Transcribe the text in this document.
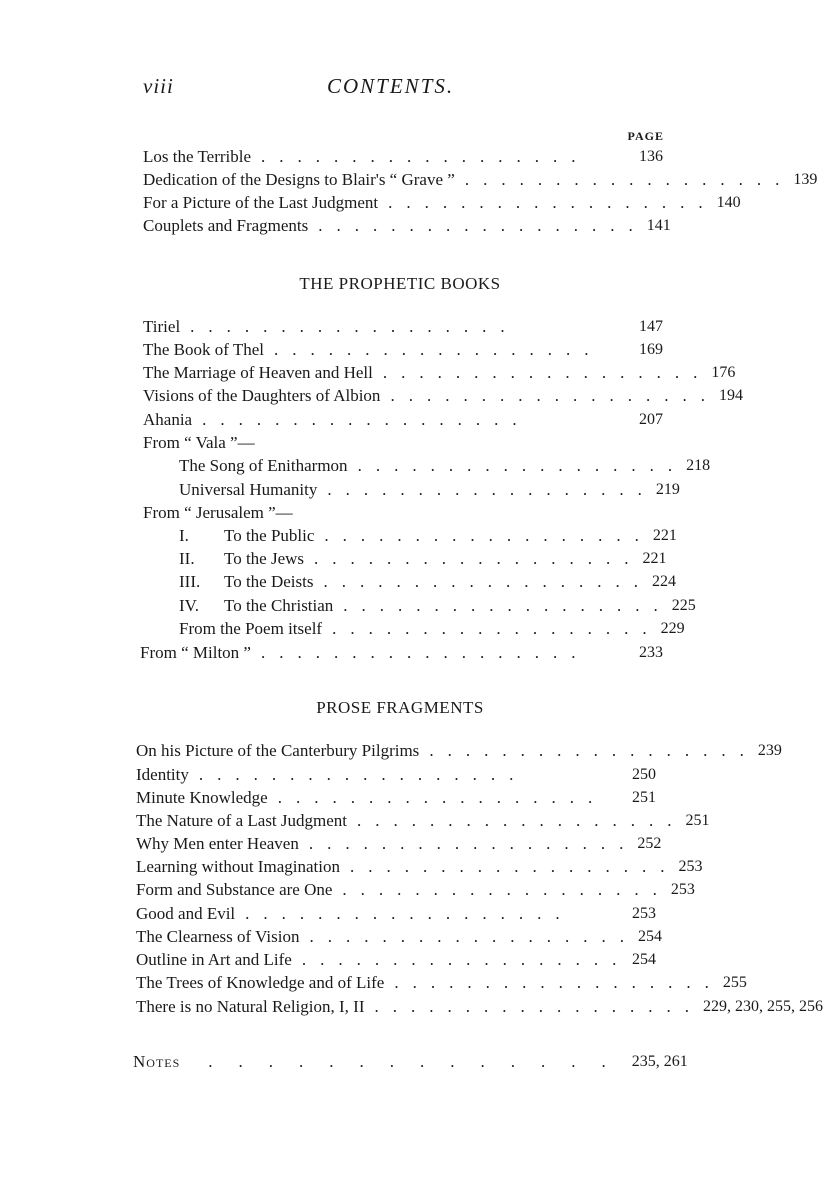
viii	CONTENTS.
PAGE
Los the Terrible ..................	136
Dedication of the Designs to Blair's “ Grave ” .................. 139
For a Picture of the Last Judgment .................. 140
Couplets and Fragments .................. 141
THE PROPHETIC BOOKS
Tiriel ..................	147
The Book of Thel ..................	169
The Marriage of Heaven and Hell .................. 176
Visions of the Daughters of Albion .................. 194
Ahania ..................	207
From “ Vala ”—
The Song of Enitharmon .................. 218
Universal Humanity .................. 219
From “ Jerusalem ”—
I. To the Public .................. 221
II. To the Jews .................. 221
III. To the Deists .................. 224
IV. To the Christian .................. 225
From the Poem itself .................. 229
From “ Milton ” ..................	233
PROSE FRAGMENTS
On his Picture of the Canterbury Pilgrims .................. 239
Identity ..................	250
Minute Knowledge ..................	251
The Nature of a Last Judgment .................. 251
Why Men enter Heaven .................. 252
Learning without Imagination .................. 253
Form and Substance are One .................. 253
Good and Evil ..................	253
The Clearness of Vision .................. 254
Outline in Art and Life .................. 254
The Trees of Knowledge and of Life .................. 255
There is no Natural Religion, I, II .................. 229, 230, 255, 256
Notes	.............. 235, 261
